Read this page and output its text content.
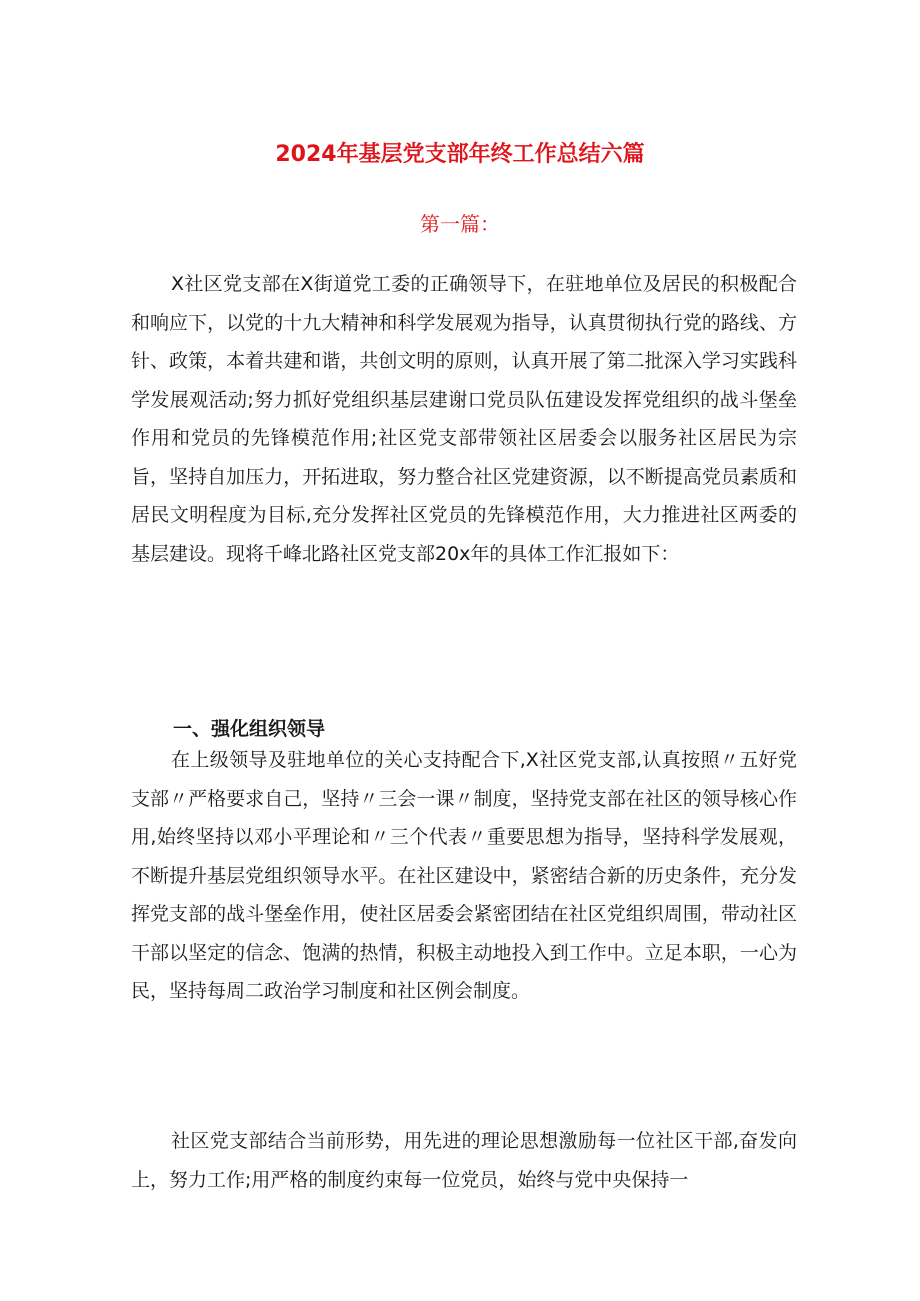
2024年基层党支部年终工作总结六篇
第一篇：

X社区党支部在X街道党工委的正确领导下，在驻地单位及居民的积极配合和响应下，以党的十九大精神和科学发展观为指导，认真贯彻执行党的路线、方针、政策，本着共建和谐，共创文明的原则，认真开展了第二批深入学习实践科学发展观活动;努力抓好党组织基层建谢口党员队伍建设发挥党组织的战斗堡垒作用和党员的先锋模范作用;社区党支部带领社区居委会以服务社区居民为宗旨，坚持自加压力，开拓进取，努力整合社区党建资源，以不断提高党员素质和居民文明程度为目标,充分发挥社区党员的先锋模范作用，大力推进社区两委的基层建设。现将千峰北路社区党支部20x年的具体工作汇报如下：

一、强化组织领导

在上级领导及驻地单位的关心支持配合下,X社区党支部,认真按照〃五好党支部〃严格要求自己，坚持〃三会一课〃制度，坚持党支部在社区的领导核心作用,始终坚持以邓小平理论和〃三个代表〃重要思想为指导，坚持科学发展观，不断提升基层党组织领导水平。在社区建设中，紧密结合新的历史条件，充分发挥党支部的战斗堡垒作用，使社区居委会紧密团结在社区党组织周围，带动社区干部以坚定的信念、饱满的热情，积极主动地投入到工作中。立足本职，一心为民，坚持每周二政治学习制度和社区例会制度。

社区党支部结合当前形势，用先进的理论思想激励每一位社区干部,奋发向上，努力工作;用严格的制度约束每一位党员，始终与党中央保持一
